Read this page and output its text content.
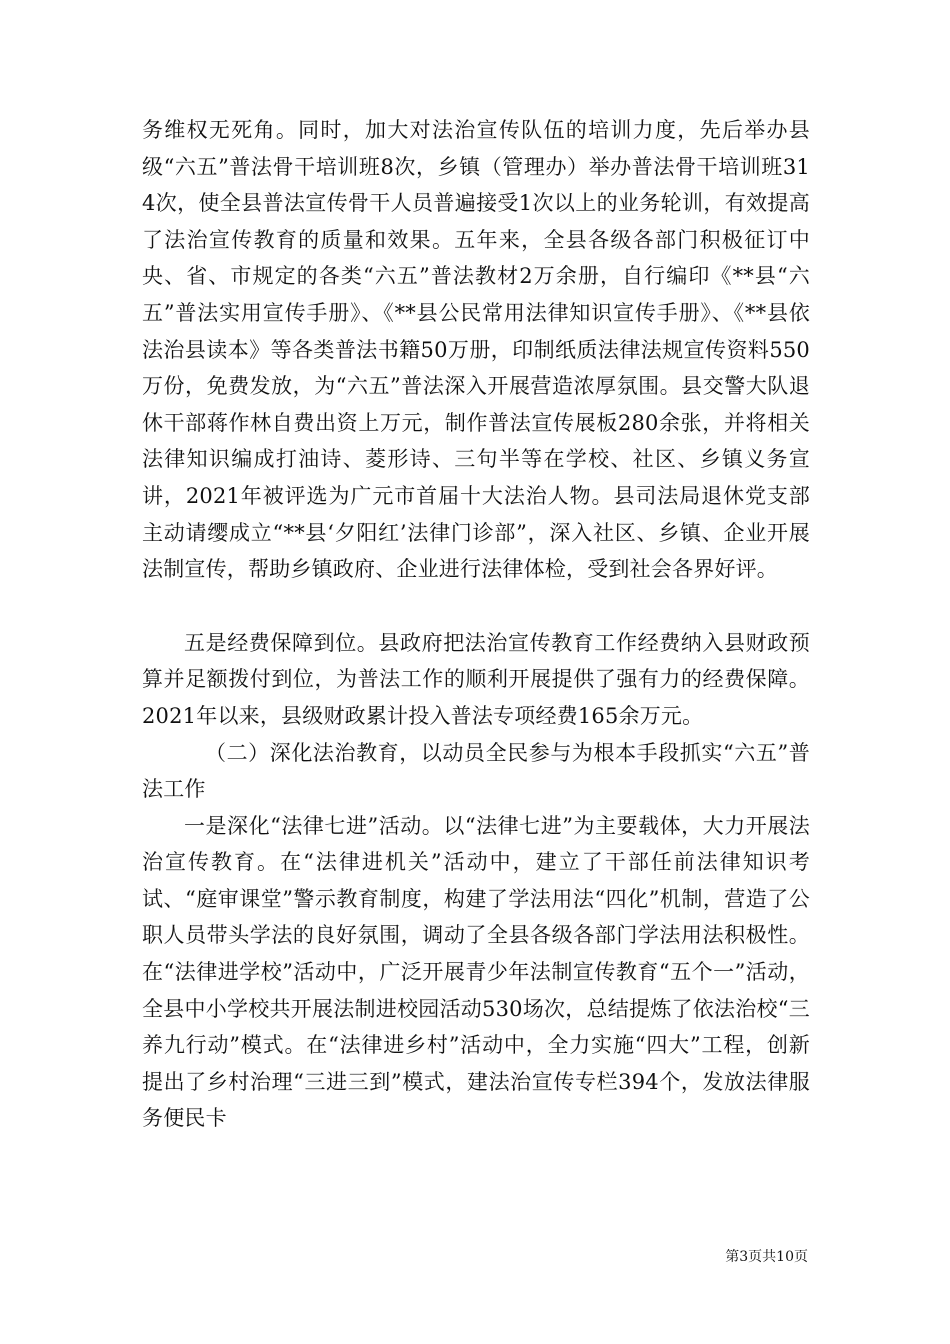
务维权无死角。同时，加大对法治宣传队伍的培训力度，先后举办县级“六五”普法骨干培训班8次，乡镇（管理办）举办普法骨干培训班314次，使全县普法宣传骨干人员普遍接受1次以上的业务轮训，有效提高了法治宣传教育的质量和效果。五年来，全县各级各部门积极征订中央、省、市规定的各类“六五”普法教材2万余册，自行编印《**县“六五”普法实用宣传手册》、《**县公民常用法律知识宣传手册》、《**县依法治县读本》等各类普法书籍50万册，印制纸质法律法规宣传资料550万份，免费发放，为“六五”普法深入开展营造浓厚氛围。县交警大队退休干部蒋作林自费出资上万元，制作普法宣传展板280余张，并将相关法律知识编成打油诗、菱形诗、三句半等在学校、社区、乡镇义务宣讲，2021年被评选为广元市首届十大法治人物。县司法局退休党支部主动请缨成立“**县‘夕阳红’法律门诊部”，深入社区、乡镇、企业开展法制宣传，帮助乡镇政府、企业进行法律体检，受到社会各界好评。

五是经费保障到位。县政府把法治宣传教育工作经费纳入县财政预算并足额拨付到位，为普法工作的顺利开展提供了强有力的经费保障。2021年以来，县级财政累计投入普法专项经费165余万元。

（二）深化法治教育，以动员全民参与为根本手段抓实“六五”普法工作

一是深化“法律七进”活动。以“法律七进”为主要载体，大力开展法治宣传教育。在“法律进机关”活动中，建立了干部任前法律知识考试、“庭审课堂”警示教育制度，构建了学法用法“四化”机制，营造了公职人员带头学法的良好氛围，调动了全县各级各部门学法用法积极性。在“法律进学校”活动中，广泛开展青少年法制宣传教育“五个一”活动，全县中小学校共开展法制进校园活动530场次，总结提炼了依法治校“三养九行动”模式。在“法律进乡村”活动中，全力实施“四大”工程，创新提出了乡村治理“三进三到”模式，建法治宣传专栏394个，发放法律服务便民卡

第3页共10页
